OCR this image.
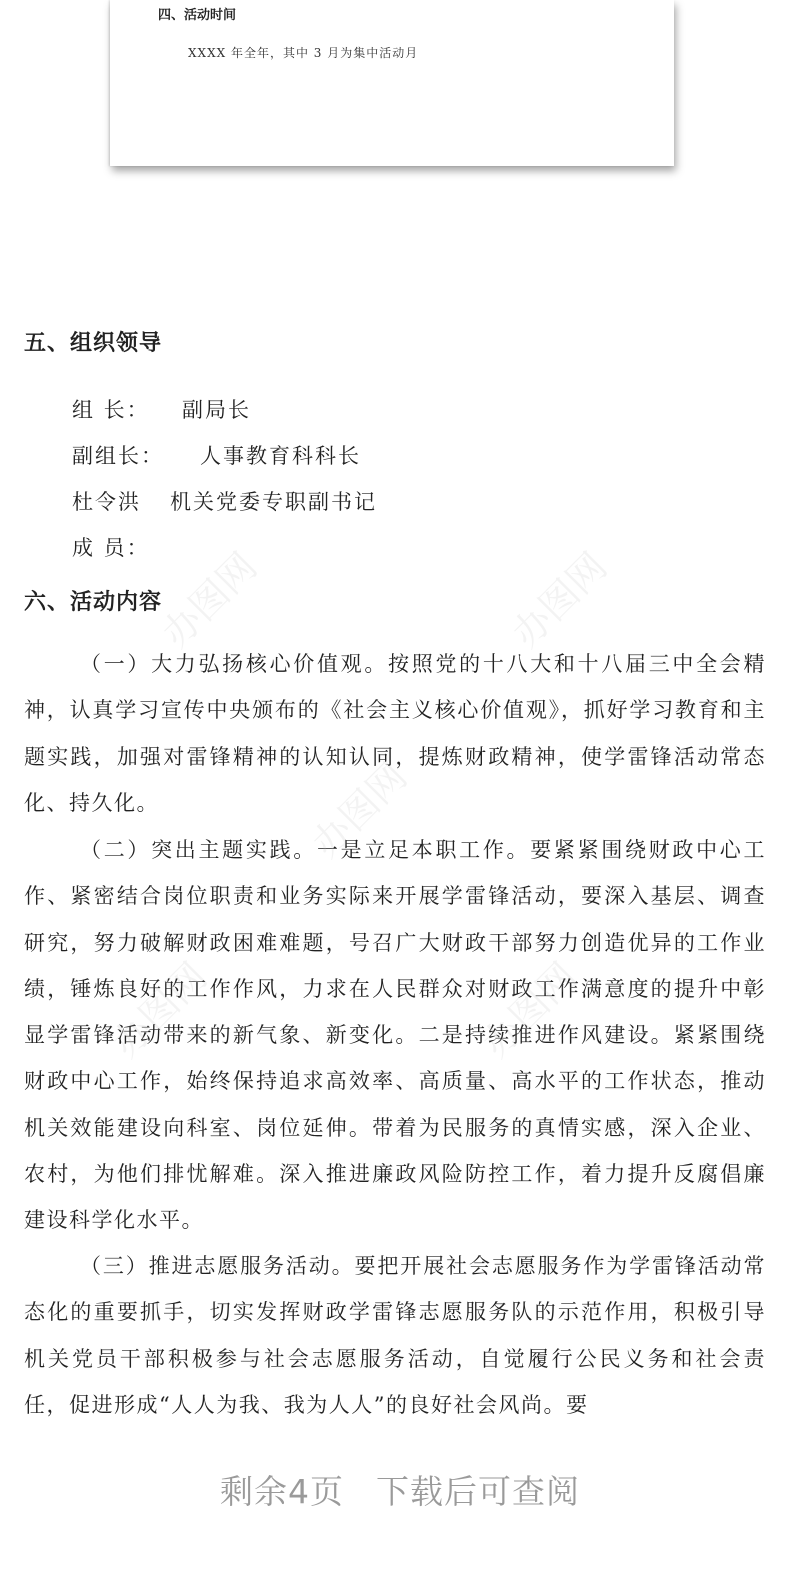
四、活动时间
XXXX 年全年，其中 3 月为集中活动月
五、组织领导
组 长： 副局长
副组长： 人事教育科科长
杜令洪 机关党委专职副书记
成 员：
六、活动内容
（一）大力弘扬核心价值观。按照党的十八大和十八届三中全会精神，认真学习宣传中央颁布的《社会主义核心价值观》，抓好学习教育和主题实践，加强对雷锋精神的认知认同，提炼财政精神，使学雷锋活动常态化、持久化。
（二）突出主题实践。一是立足本职工作。要紧紧围绕财政中心工作、紧密结合岗位职责和业务实际来开展学雷锋活动，要深入基层、调查研究，努力破解财政困难难题，号召广大财政干部努力创造优异的工作业绩，锤炼良好的工作作风，力求在人民群众对财政工作满意度的提升中彰显学雷锋活动带来的新气象、新变化。二是持续推进作风建设。紧紧围绕财政中心工作，始终保持追求高效率、高质量、高水平的工作状态，推动机关效能建设向科室、岗位延伸。带着为民服务的真情实感，深入企业、农村，为他们排忧解难。深入推进廉政风险防控工作，着力提升反腐倡廉建设科学化水平。
（三）推进志愿服务活动。要把开展社会志愿服务作为学雷锋活动常态化的重要抓手，切实发挥财政学雷锋志愿服务队的示范作用，积极引导机关党员干部积极参与社会志愿服务活动，自觉履行公民义务和社会责任，促进形成“人人为我、我为人人”的良好社会风尚。要
办图网	办图网
办图网
办图网	办图网
剩余4页 下载后可查阅
